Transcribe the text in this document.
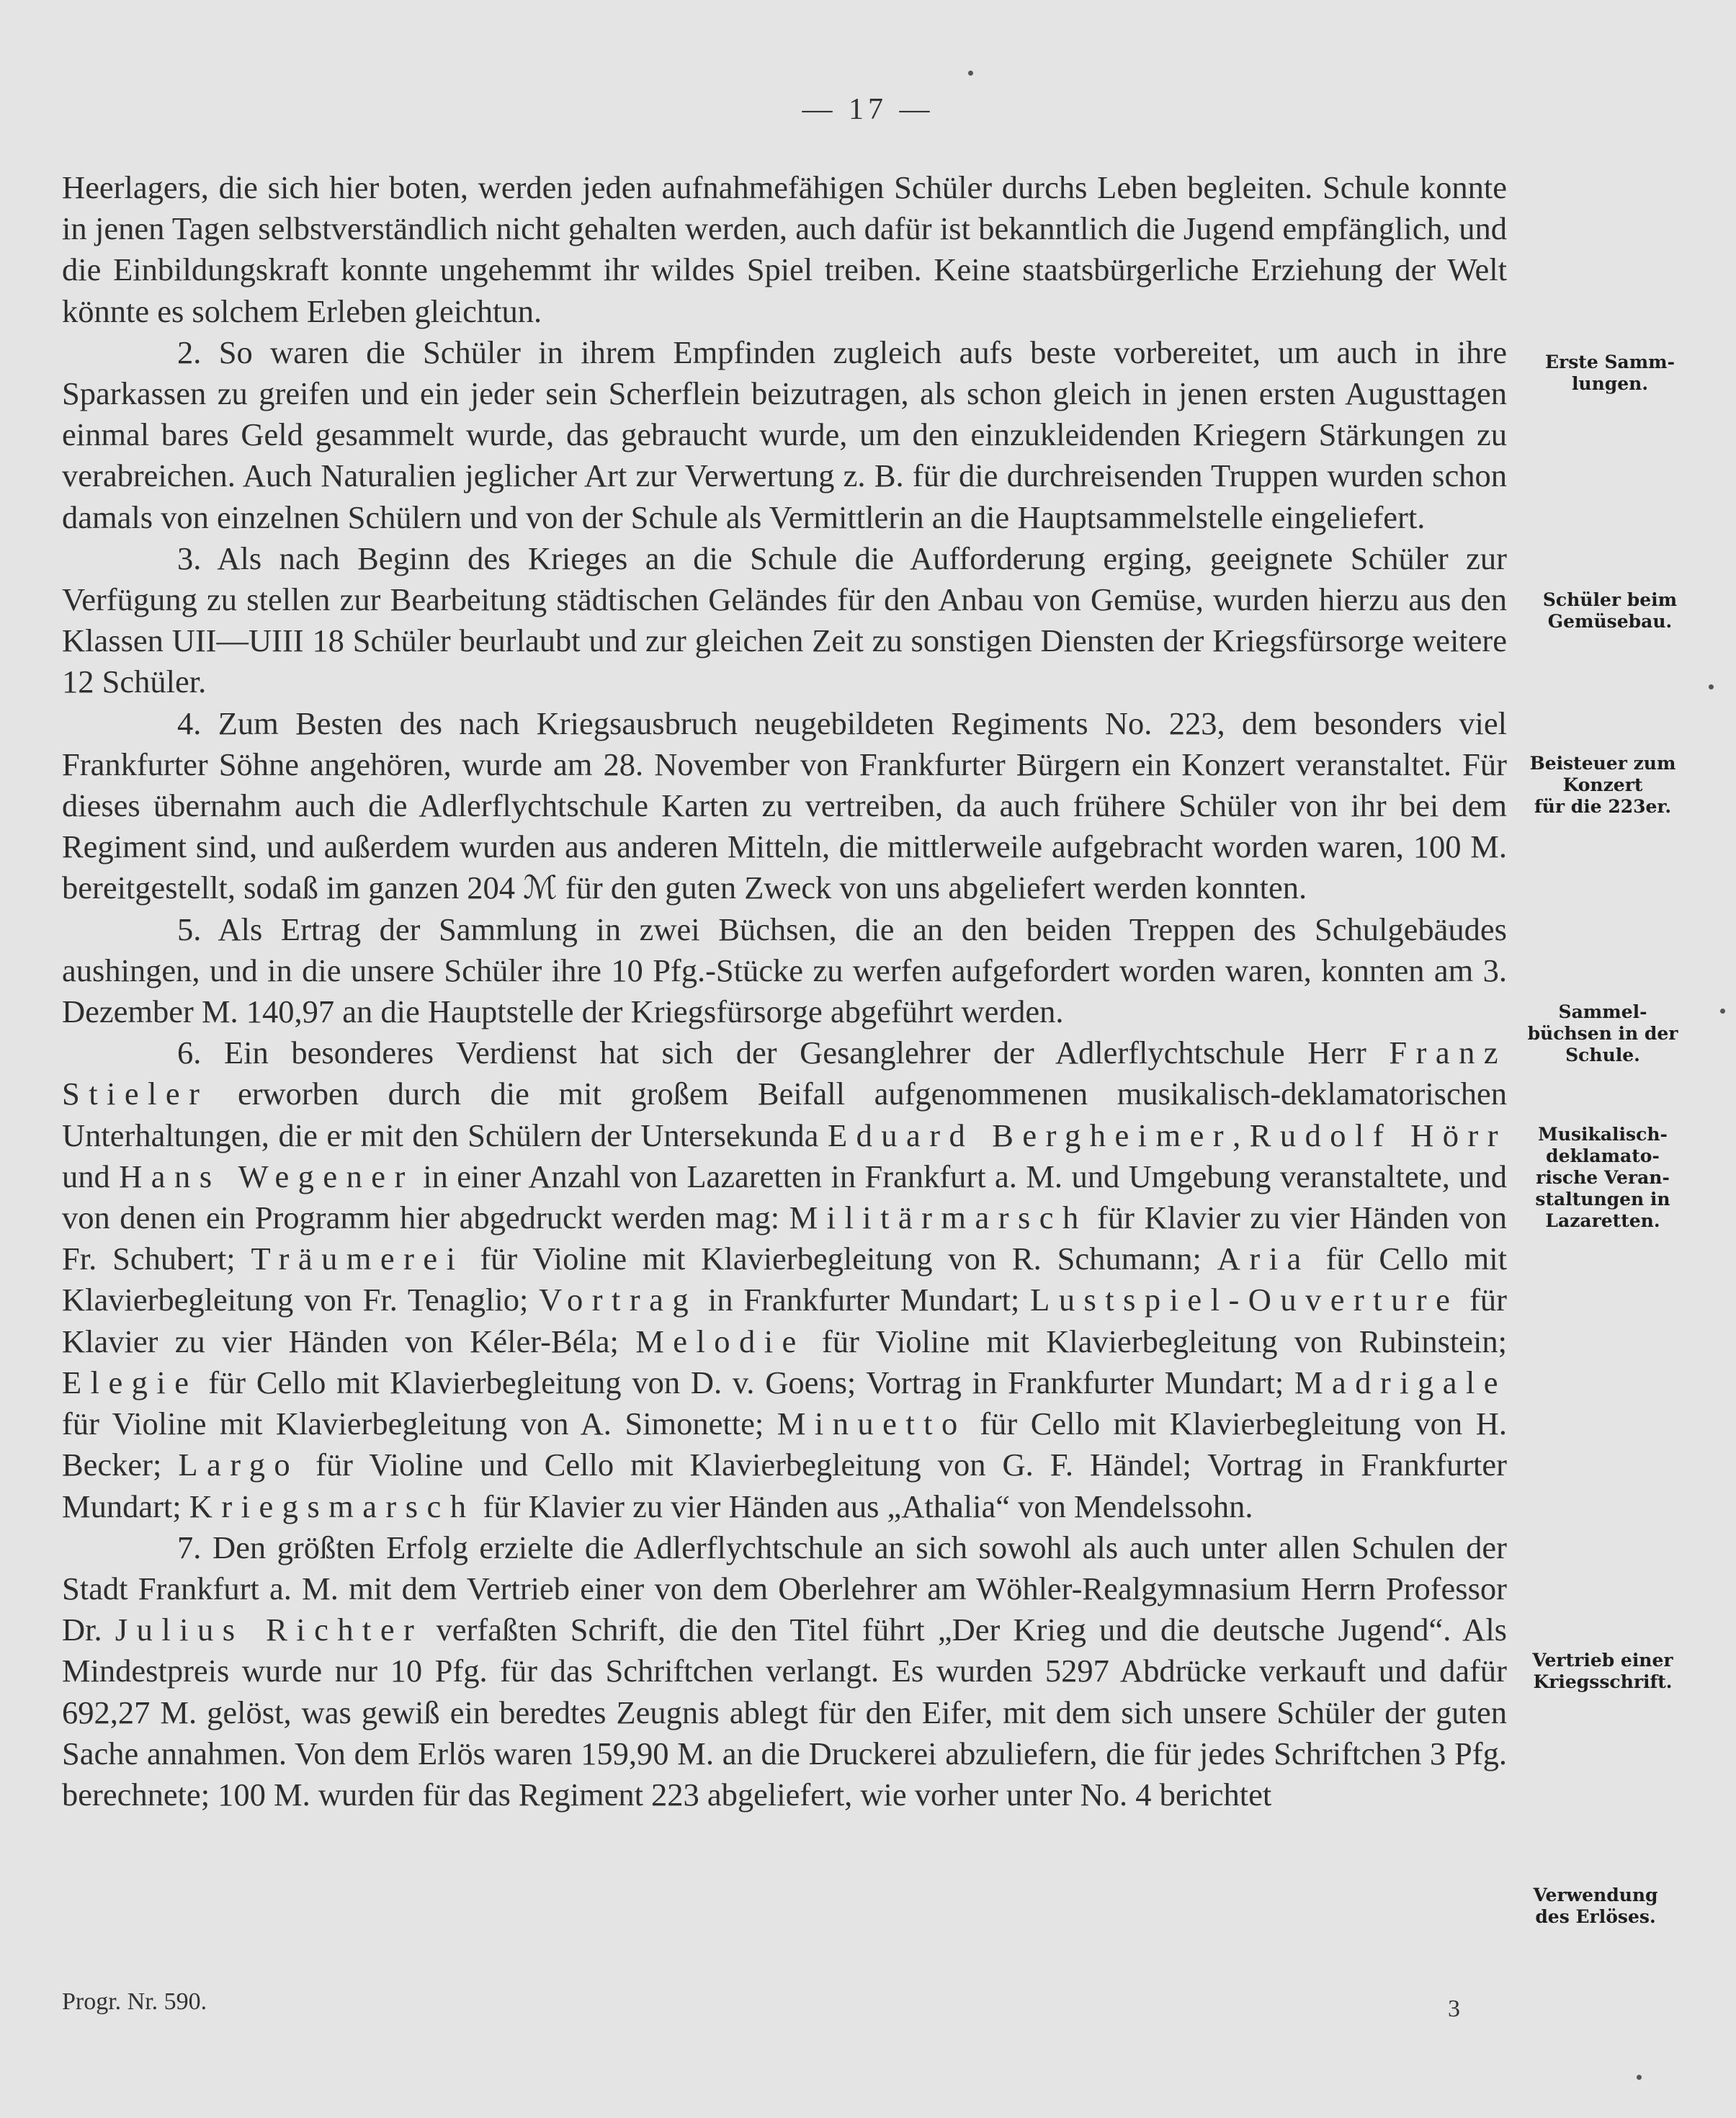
— 17 —

Heerlagers, die sich hier boten, werden jeden aufnahmefähigen Schüler durchs Leben begleiten. Schule konnte in jenen Tagen selbstverständlich nicht gehalten werden, auch dafür ist bekanntlich die Jugend empfänglich, und die Einbildungskraft konnte ungehemmt ihr wildes Spiel treiben. Keine staatsbürgerliche Erziehung der Welt könnte es solchem Erleben gleichtun.

2. So waren die Schüler in ihrem Empfinden zugleich aufs beste vorbereitet, um auch in ihre Sparkassen zu greifen und ein jeder sein Scherflein beizutragen, als schon gleich in jenen ersten Augusttagen einmal bares Geld gesammelt wurde, das gebraucht wurde, um den einzukleidenden Kriegern Stärkungen zu verabreichen. Auch Naturalien jeglicher Art zur Verwertung z. B. für die durchreisenden Truppen wurden schon damals von einzelnen Schülern und von der Schule als Vermittlerin an die Hauptsammelstelle eingeliefert.

3. Als nach Beginn des Krieges an die Schule die Aufforderung erging, geeignete Schüler zur Verfügung zu stellen zur Bearbeitung städtischen Geländes für den Anbau von Gemüse, wurden hierzu aus den Klassen UII—UIII 18 Schüler beurlaubt und zur gleichen Zeit zu sonstigen Diensten der Kriegsfürsorge weitere 12 Schüler.

4. Zum Besten des nach Kriegsausbruch neugebildeten Regiments No. 223, dem besonders viel Frankfurter Söhne angehören, wurde am 28. November von Frankfurter Bürgern ein Konzert veranstaltet. Für dieses übernahm auch die Adlerflychtschule Karten zu vertreiben, da auch frühere Schüler von ihr bei dem Regiment sind, und außerdem wurden aus anderen Mitteln, die mittlerweile aufgebracht worden waren, 100 M. bereitgestellt, sodaß im ganzen 204 ℳ für den guten Zweck von uns abgeliefert werden konnten.

5. Als Ertrag der Sammlung in zwei Büchsen, die an den beiden Treppen des Schulgebäudes aushingen, und in die unsere Schüler ihre 10 Pfg.-Stücke zu werfen aufgefordert worden waren, konnten am 3. Dezember M. 140,97 an die Hauptstelle der Kriegsfürsorge abgeführt werden.

6. Ein besonderes Verdienst hat sich der Gesanglehrer der Adlerflychtschule Herr Franz Stieler erworben durch die mit großem Beifall aufgenommenen musikalisch-deklamatorischen Unterhaltungen, die er mit den Schülern der Untersekunda Eduard Bergheimer, Rudolf Hörr und Hans Wegener in einer Anzahl von Lazaretten in Frankfurt a. M. und Umgebung veranstaltete, und von denen ein Programm hier abgedruckt werden mag: Militärmarsch für Klavier zu vier Händen von Fr. Schubert; Träumerei für Violine mit Klavierbegleitung von R. Schumann; Aria für Cello mit Klavierbegleitung von Fr. Tenaglio; Vortrag in Frankfurter Mundart; Lustspiel-Ouverture für Klavier zu vier Händen von Kéler-Béla; Melodie für Violine mit Klavierbegleitung von Rubinstein; Elegie für Cello mit Klavierbegleitung von D. v. Goens; Vortrag in Frankfurter Mundart; Madrigale für Violine mit Klavierbegleitung von A. Simonette; Minuetto für Cello mit Klavierbegleitung von H. Becker; Largo für Violine und Cello mit Klavierbegleitung von G. F. Händel; Vortrag in Frankfurter Mundart; Kriegsmarsch für Klavier zu vier Händen aus „Athalia“ von Mendelssohn.

7. Den größten Erfolg erzielte die Adlerflychtschule an sich sowohl als auch unter allen Schulen der Stadt Frankfurt a. M. mit dem Vertrieb einer von dem Oberlehrer am Wöhler-Realgymnasium Herrn Professor Dr. Julius Richter verfaßten Schrift, die den Titel führt „Der Krieg und die deutsche Jugend“. Als Mindestpreis wurde nur 10 Pfg. für das Schriftchen verlangt. Es wurden 5297 Abdrücke verkauft und dafür 692,27 M. gelöst, was gewiß ein beredtes Zeugnis ablegt für den Eifer, mit dem sich unsere Schüler der guten Sache annahmen. Von dem Erlös waren 159,90 M. an die Druckerei abzuliefern, die für jedes Schriftchen 3 Pfg. berechnete; 100 M. wurden für das Regiment 223 abgeliefert, wie vorher unter No. 4 berichtet

Erste Samm-
lungen.
Schüler beim
Gemüsebau.
Beisteuer zum
Konzert
für die 223er.
Sammel-
büchsen in der
Schule.
Musikalisch-
deklamato-
rische Veran-
staltungen in
Lazaretten.
Vertrieb einer
Kriegsschrift.
Verwendung
des Erlöses.
Progr. Nr. 590.	3
